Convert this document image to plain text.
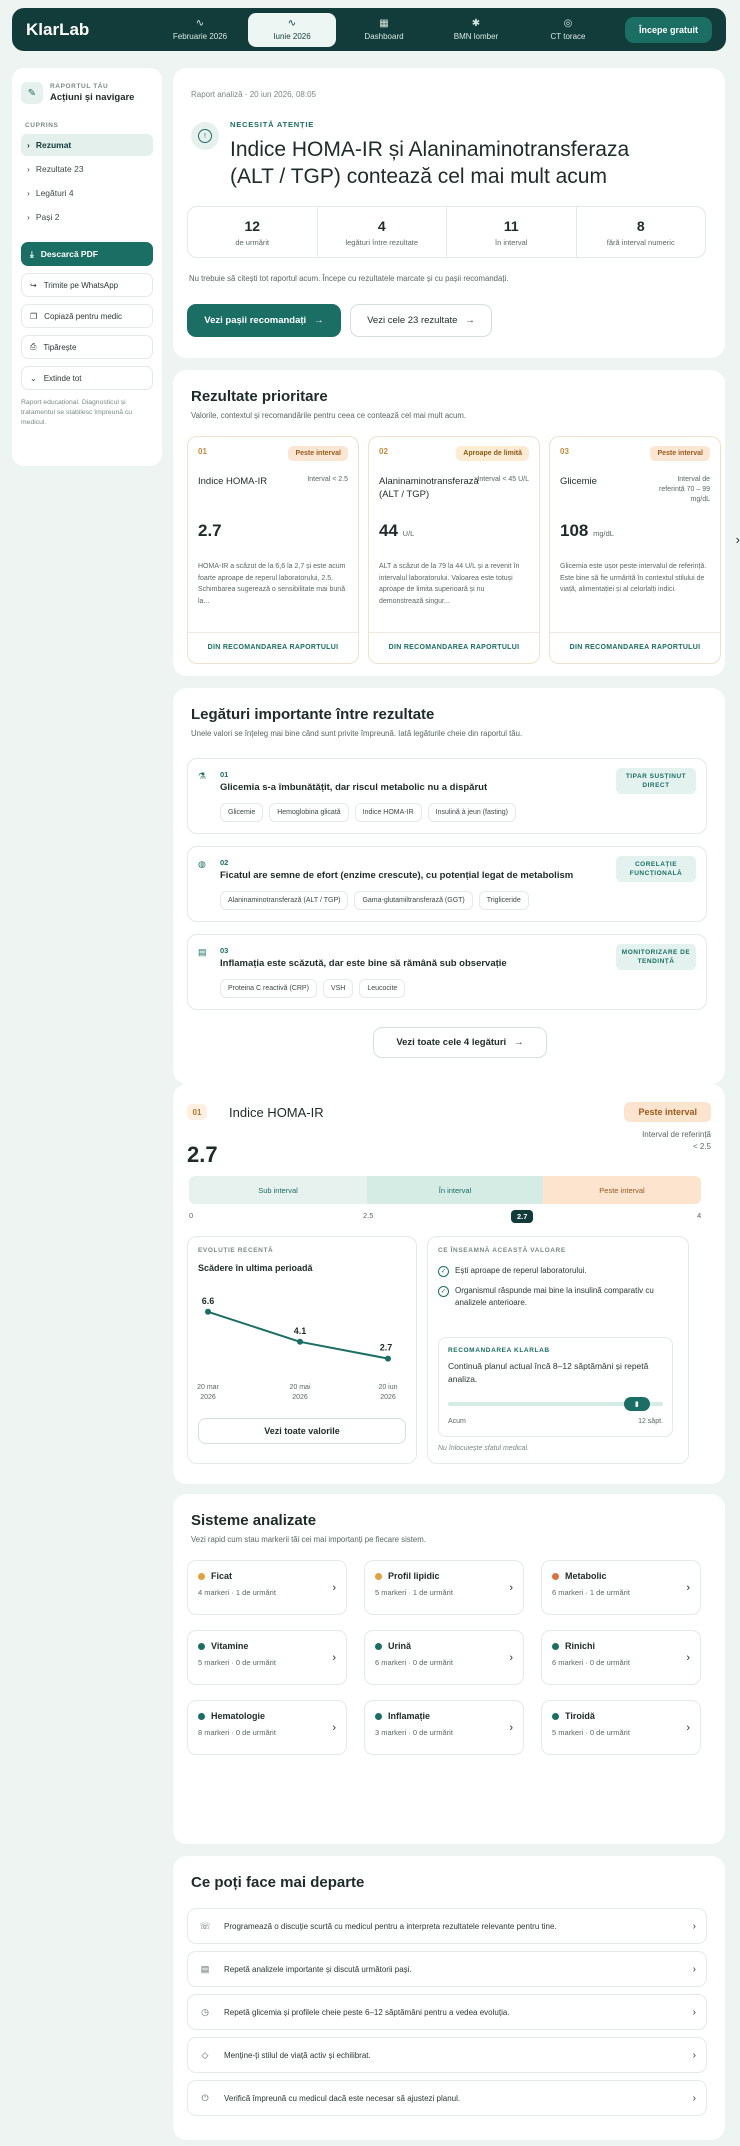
KlarLab	∿
Februarie 2026
∿
Iunie 2026
▦
Dashboard
✱
BMN lomber
◎
CT torace
Începe gratuit
✎
RAPORTUL TĂU
Acțiuni și navigare
CUPRINS
› Rezumat
› Rezultate 23
› Legături 4
› Pași 2
⤓ Descarcă PDF
↪ Trimite pe WhatsApp
❐ Copiază pentru medic
⎙ Tipărește
⌄ Extinde tot
Raport educațional. Diagnosticul și tratamentul se stabilesc împreună cu medicul.
Raport analiză · 20 iun 2026, 08:05
!
NECESITĂ ATENȚIE
Indice HOMA-IR și Alaninaminotransferaza (ALT / TGP) contează cel mai mult acum
12
de urmărit
4
legături între rezultate
11
în interval
8
fără interval numeric
Nu trebuie să citești tot raportul acum. Începe cu rezultatele marcate și cu pașii recomandați.
Vezi pașii recomandați →	Vezi cele 23 rezultate →
Rezultate prioritare
Valorile, contextul și recomandările pentru ceea ce contează cel mai mult acum.
01	Peste interval
Indice HOMA-IR	Interval < 2.5
2.7
HOMA-IR a scăzut de la 6,6 la 2,7 și este acum foarte aproape de reperul laboratorului, 2.5. Schimbarea sugerează o sensibilitate mai bună la...
DIN RECOMANDAREA RAPORTULUI
02	Aproape de limită
Alaninaminotransferază (ALT / TGP)
Interval < 45 U/L
44 U/L
ALT a scăzut de la 79 la 44 U/L și a revenit în intervalul laboratorului. Valoarea este totuși aproape de limita superioară și nu demonstrează singur...
DIN RECOMANDAREA RAPORTULUI
03	Peste interval
Glicemie	Interval de referință 70 – 99 mg/dL
108 mg/dL
Glicemia este ușor peste intervalul de referință. Este bine să fie urmărită în contextul stilului de viață, alimentației și al celorlalți indici.
DIN RECOMANDAREA RAPORTULUI
›
Legături importante între rezultate
Unele valori se înțeleg mai bine când sunt privite împreună. Iată legăturile cheie din raportul tău.
⚗ 01
Glicemia s-a îmbunătățit, dar riscul metabolic nu a dispărut
TIPAR SUSȚINUT DIRECT
Glicemie	Hemoglobina glicată	Indice HOMA-IR	Insulină à jeun (fasting)
◍ 02
Ficatul are semne de efort (enzime crescute), cu potențial legat de metabolism
CORELAȚIE FUNCȚIONALĂ
Alaninaminotransferază (ALT / TGP)	Gama-glutamiltransferază (GGT)	Trigliceride
▤ 03
Inflamația este scăzută, dar este bine să rămână sub observație
MONITORIZARE DE TENDINȚĂ
Proteina C reactivă (CRP)	VSH	Leucocite
Vezi toate cele 4 legături →
01	Indice HOMA-IR	Peste interval
2.7
Interval de referință
< 2.5
Sub interval	În interval	Peste interval
0	2.5	4
2.7
EVOLUȚIE RECENTĂ
Scădere în ultima perioadă
6.6
20 mar
2026
4.1
20 mai
2026
2.7
20 iun
2026
Vezi toate valorile
CE ÎNSEAMNĂ ACEASTĂ VALOARE
✓	Ești aproape de reperul laboratorului.
✓	Organismul răspunde mai bine la insulină comparativ cu analizele anterioare.
RECOMANDAREA KLARLAB
Continuă planul actual încă 8–12 săptămâni și repetă analiza.
▮
Acum	12 săpt.
Nu înlocuiește sfatul medical.
Sisteme analizate
Vezi rapid cum stau markerii tăi cei mai importanți pe fiecare sistem.
Ficat
4 markeri · 1 de urmărit	›
Profil lipidic
5 markeri · 1 de urmărit	›
Metabolic
6 markeri · 1 de urmărit	›
Vitamine
5 markeri · 0 de urmărit	›
Urină
6 markeri · 0 de urmărit	›
Rinichi
6 markeri · 0 de urmărit	›
Hematologie
8 markeri · 0 de urmărit	›
Inflamație
3 markeri · 0 de urmărit	›
Tiroidă
5 markeri · 0 de urmărit	›
Ce poți face mai departe
☏ Programează o discuție scurtă cu medicul pentru a interpreta rezultatele relevante pentru tine.	›
▤	Repetă analizele importante și discută următorii pași.	›
◷	Repetă glicemia și profilele cheie peste 6–12 săptămâni pentru a vedea evoluția.	›
◇	Menține-ți stilul de viață activ și echilibrat.	›
⏻	Verifică împreună cu medicul dacă este necesar să ajustezi planul.	›
